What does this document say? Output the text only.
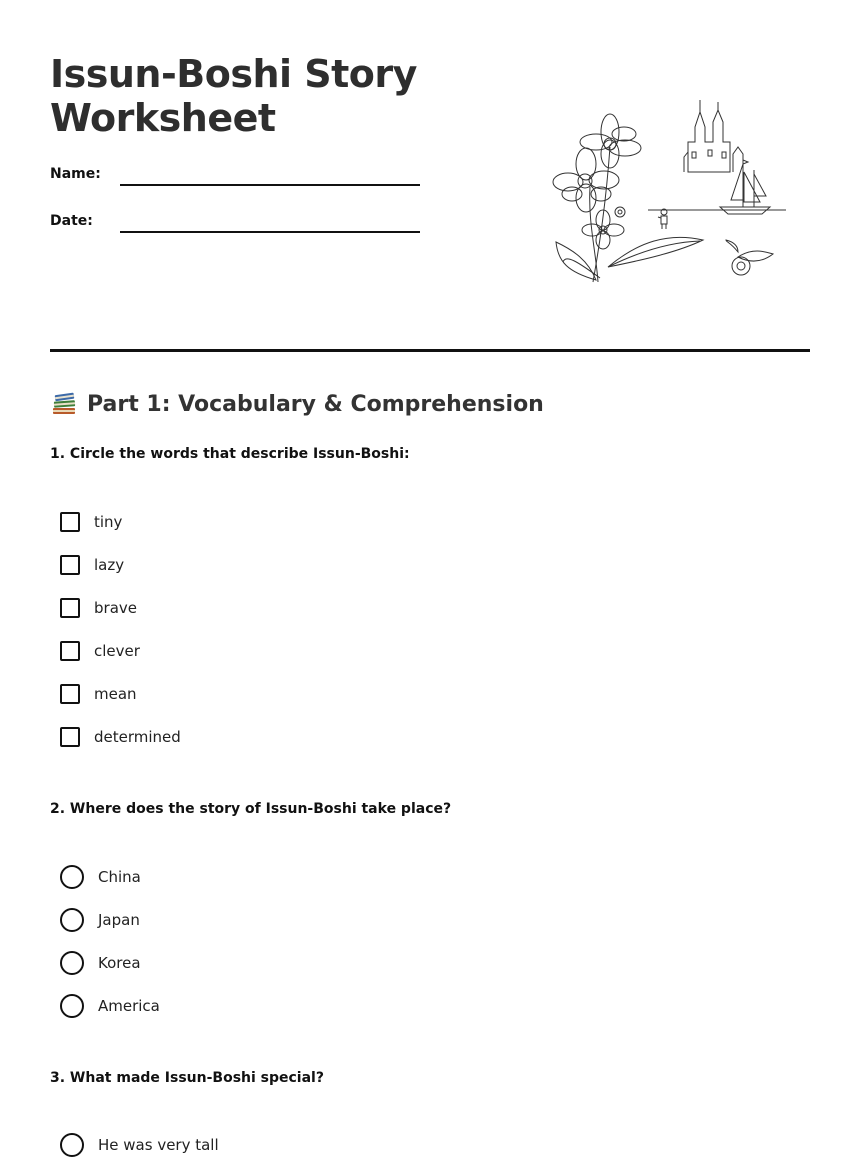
Issun-Boshi Story
Worksheet
Name:
Date:
Part 1: Vocabulary & Comprehension
1. Circle the words that describe Issun-Boshi:
tiny
lazy
brave
clever
mean
determined
2. Where does the story of Issun-Boshi take place?
China
Japan
Korea
America
3. What made Issun-Boshi special?
He was very tall
